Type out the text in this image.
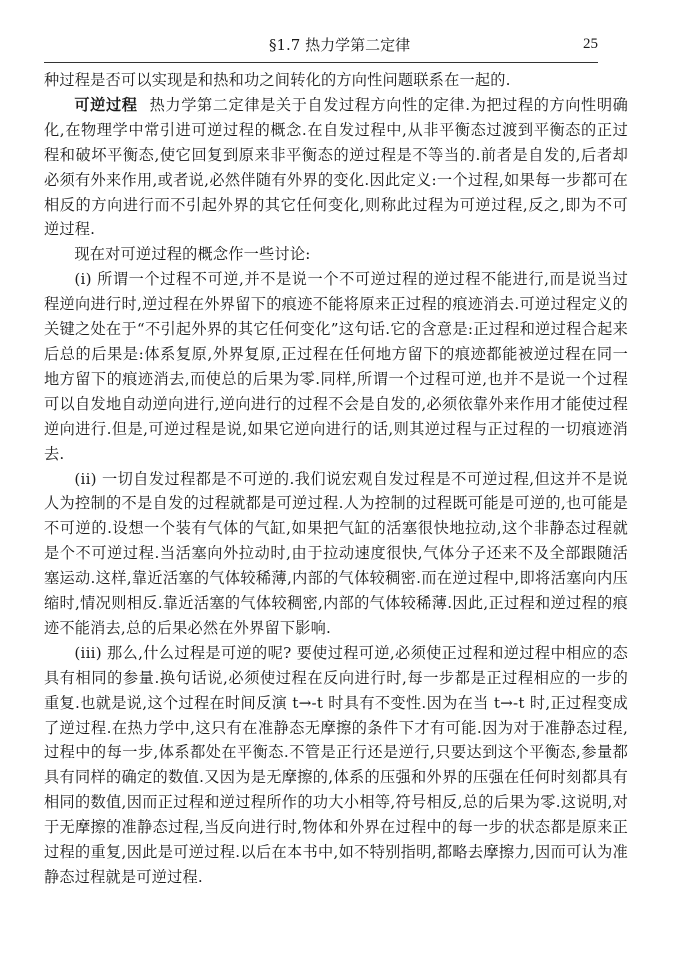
§1.7 热力学第二定律	25

种过程是否可以实现是和热和功之间转化的方向性问题联系在一起的.

可逆过程 热力学第二定律是关于自发过程方向性的定律.为把过程的方向性明确化,在物理学中常引进可逆过程的概念.在自发过程中,从非平衡态过渡到平衡态的正过程和破坏平衡态,使它回复到原来非平衡态的逆过程是不等当的.前者是自发的,后者却必须有外来作用,或者说,必然伴随有外界的变化.因此定义:一个过程,如果每一步都可在相反的方向进行而不引起外界的其它任何变化,则称此过程为可逆过程,反之,即为不可逆过程.

现在对可逆过程的概念作一些讨论:

(i) 所谓一个过程不可逆,并不是说一个不可逆过程的逆过程不能进行,而是说当过程逆向进行时,逆过程在外界留下的痕迹不能将原来正过程的痕迹消去.可逆过程定义的关键之处在于“不引起外界的其它任何变化”这句话.它的含意是:正过程和逆过程合起来后总的后果是:体系复原,外界复原,正过程在任何地方留下的痕迹都能被逆过程在同一地方留下的痕迹消去,而使总的后果为零.同样,所谓一个过程可逆,也并不是说一个过程可以自发地自动逆向进行,逆向进行的过程不会是自发的,必须依靠外来作用才能使过程逆向进行.但是,可逆过程是说,如果它逆向进行的话,则其逆过程与正过程的一切痕迹消去.

(ii) 一切自发过程都是不可逆的.我们说宏观自发过程是不可逆过程,但这并不是说人为控制的不是自发的过程就都是可逆过程.人为控制的过程既可能是可逆的,也可能是不可逆的.设想一个装有气体的气缸,如果把气缸的活塞很快地拉动,这个非静态过程就是个不可逆过程.当活塞向外拉动时,由于拉动速度很快,气体分子还来不及全部跟随活塞运动.这样,靠近活塞的气体较稀薄,内部的气体较稠密.而在逆过程中,即将活塞向内压缩时,情况则相反.靠近活塞的气体较稠密,内部的气体较稀薄.因此,正过程和逆过程的痕迹不能消去,总的后果必然在外界留下影响.

(iii) 那么,什么过程是可逆的呢? 要使过程可逆,必须使正过程和逆过程中相应的态具有相同的参量.换句话说,必须使过程在反向进行时,每一步都是正过程相应的一步的重复.也就是说,这个过程在时间反演 t→-t 时具有不变性.因为在当 t→-t 时,正过程变成了逆过程.在热力学中,这只有在准静态无摩擦的条件下才有可能.因为对于准静态过程,过程中的每一步,体系都处在平衡态.不管是正行还是逆行,只要达到这个平衡态,参量都具有同样的确定的数值.又因为是无摩擦的,体系的压强和外界的压强在任何时刻都具有相同的数值,因而正过程和逆过程所作的功大小相等,符号相反,总的后果为零.这说明,对于无摩擦的准静态过程,当反向进行时,物体和外界在过程中的每一步的状态都是原来正过程的重复,因此是可逆过程.以后在本书中,如不特别指明,都略去摩擦力,因而可认为准静态过程就是可逆过程.
